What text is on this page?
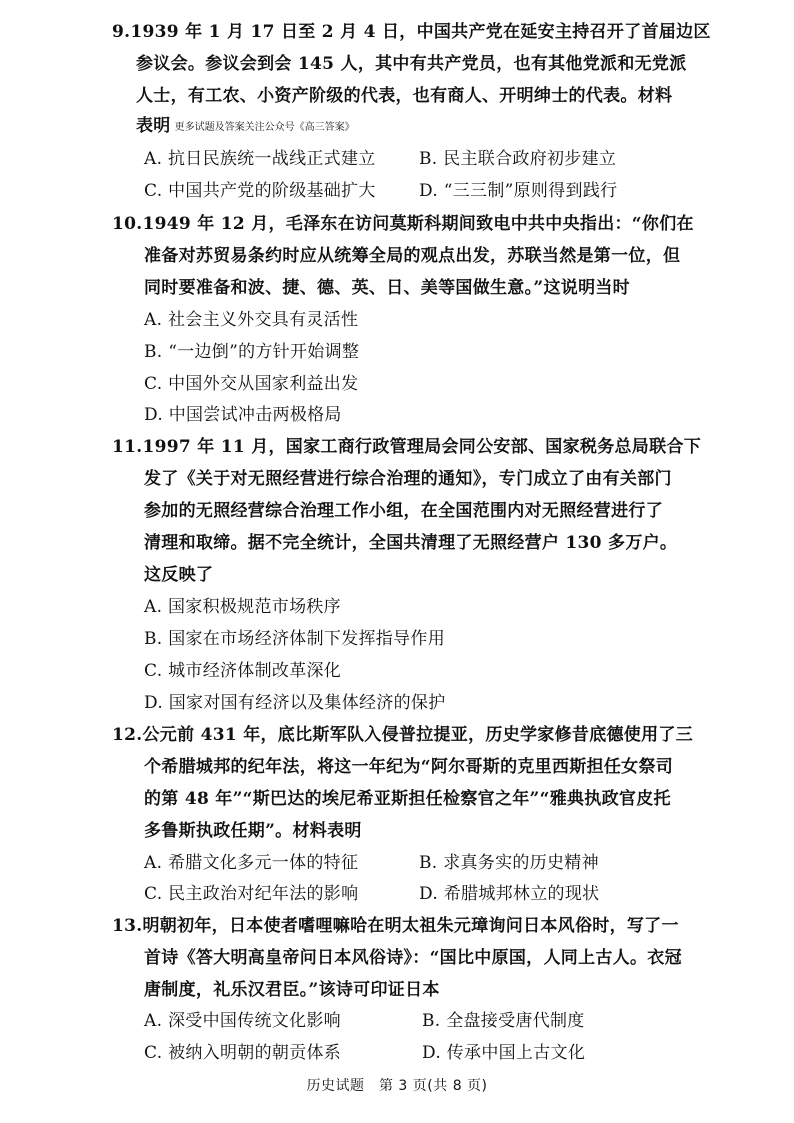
9.1939 年 1 月 17 日至 2 月 4 日，中国共产党在延安主持召开了首届边区
参议会。参议会到会 145 人，其中有共产党员，也有其他党派和无党派
人士，有工农、小资产阶级的代表，也有商人、开明绅士的代表。材料
表明 更多试题及答案关注公众号《高三答案》
A. 抗日民族统一战线正式建立	B. 民主联合政府初步建立
C. 中国共产党的阶级基础扩大	D. “三三制”原则得到践行
10.1949 年 12 月，毛泽东在访问莫斯科期间致电中共中央指出：“你们在
准备对苏贸易条约时应从统筹全局的观点出发，苏联当然是第一位，但
同时要准备和波、捷、德、英、日、美等国做生意。”这说明当时
A. 社会主义外交具有灵活性
B. “一边倒”的方针开始调整
C. 中国外交从国家利益出发
D. 中国尝试冲击两极格局
11.1997 年 11 月，国家工商行政管理局会同公安部、国家税务总局联合下
发了《关于对无照经营进行综合治理的通知》，专门成立了由有关部门
参加的无照经营综合治理工作小组，在全国范围内对无照经营进行了
清理和取缔。据不完全统计，全国共清理了无照经营户 130 多万户。
这反映了
A. 国家积极规范市场秩序
B. 国家在市场经济体制下发挥指导作用
C. 城市经济体制改革深化
D. 国家对国有经济以及集体经济的保护
12.公元前 431 年，底比斯军队入侵普拉提亚，历史学家修昔底德使用了三
个希腊城邦的纪年法，将这一年纪为“阿尔哥斯的克里西斯担任女祭司
的第 48 年”“斯巴达的埃尼希亚斯担任检察官之年”“雅典执政官皮托
多鲁斯执政任期”。材料表明
A. 希腊文化多元一体的特征	B. 求真务实的历史精神
C. 民主政治对纪年法的影响	D. 希腊城邦林立的现状
13.明朝初年，日本使者嗜哩嘛哈在明太祖朱元璋询问日本风俗时，写了一
首诗《答大明高皇帝问日本风俗诗》：“国比中原国，人同上古人。衣冠
唐制度，礼乐汉君臣。”该诗可印证日本
A. 深受中国传统文化影响	B. 全盘接受唐代制度
C. 被纳入明朝的朝贡体系	D. 传承中国上古文化
历史试题　第 3 页(共 8 页)
